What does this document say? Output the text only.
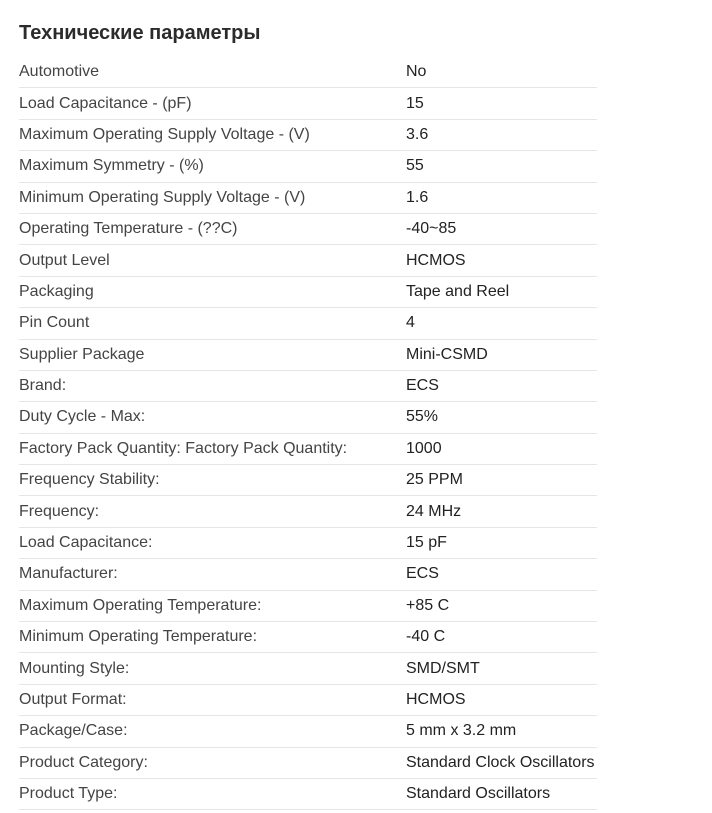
Технические параметры
Automotive	No
Load Capacitance - (pF)	15
Maximum Operating Supply Voltage - (V)	3.6
Maximum Symmetry - (%)	55
Minimum Operating Supply Voltage - (V)	1.6
Operating Temperature - (??C)	-40~85
Output Level	HCMOS
Packaging	Tape and Reel
Pin Count	4
Supplier Package	Mini-CSMD
Brand:	ECS
Duty Cycle - Max:	55%
Factory Pack Quantity: Factory Pack Quantity:	1000
Frequency Stability:	25 PPM
Frequency:	24 MHz
Load Capacitance:	15 pF
Manufacturer:	ECS
Maximum Operating Temperature:	+85 C
Minimum Operating Temperature:	-40 C
Mounting Style:	SMD/SMT
Output Format:	HCMOS
Package/Case:	5 mm x 3.2 mm
Product Category:	Standard Clock Oscillators
Product Type:	Standard Oscillators
